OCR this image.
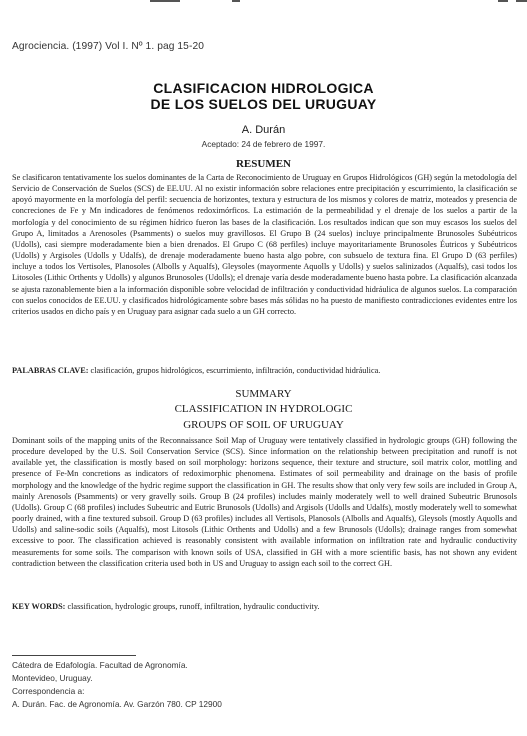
Agrociencia. (1997) Vol I. Nº 1. pag 15-20
CLASIFICACION HIDROLOGICA
DE LOS SUELOS DEL URUGUAY
A. Durán
Aceptado: 24 de febrero de 1997.
RESUMEN

Se clasificaron tentativamente los suelos dominantes de la Carta de Reconocimiento de Uruguay en Grupos Hidrológicos (GH) según la metodología del Servicio de Conservación de Suelos (SCS) de EE.UU. Al no existir información sobre relaciones entre precipitación y escurrimiento, la clasificación se apoyó mayormente en la morfología del perfil: secuencia de horizontes, textura y estructura de los mismos y colores de matriz, moteados y presencia de concreciones de Fe y Mn indicadores de fenómenos redoximórficos. La estimación de la permeabilidad y el drenaje de los suelos a partir de la morfología y del conocimiento de su régimen hídrico fueron las bases de la clasificación. Los resultados indican que son muy escasos los suelos del Grupo A, limitados a Arenosoles (Psamments) o suelos muy gravillosos. El Grupo B (24 suelos) incluye principalmente Brunosoles Subéutricos (Udolls), casi siempre moderadamente bien a bien drenados. El Grupo C (68 perfiles) incluye mayoritariamente Brunosoles Éutricos y Subéutricos (Udolls) y Argisoles (Udolls y Udalfs), de drenaje moderadamente bueno hasta algo pobre, con subsuelo de textura fina. El Grupo D (63 perfiles) incluye a todos los Vertisoles, Planosoles (Albolls y Aqualfs), Gleysoles (mayormente Aquolls y Udolls) y suelos salinizados (Aqualfs), casi todos los Litosoles (Lithic Orthents y Udolls) y algunos Brunosoles (Udolls); el drenaje varía desde moderadamente bueno hasta pobre. La clasificación alcanzada se ajusta razonablemente bien a la información disponible sobre velocidad de infiltración y conductividad hidráulica de algunos suelos. La comparación con suelos conocidos de EE.UU. y clasificados hidrológicamente sobre bases más sólidas no ha puesto de manifiesto contradicciones evidentes entre los criterios usados en dicho país y en Uruguay para asignar cada suelo a un GH correcto.

PALABRAS CLAVE: clasificación, grupos hidrológicos, escurrimiento, infiltración, conductividad hidráulica.

SUMMARY
CLASSIFICATION IN HYDROLOGIC
GROUPS OF SOIL OF URUGUAY

Dominant soils of the mapping units of the Reconnaissance Soil Map of Uruguay were tentatively classified in hydrologic groups (GH) following the procedure developed by the U.S. Soil Conservation Service (SCS). Since information on the relationship between precipitation and runoff is not available yet, the classification is mostly based on soil morphology: horizons sequence, their texture and structure, soil matrix color, mottling and presence of Fe-Mn concretions as indicators of redoximorphic phenomena. Estimates of soil permeability and drainage on the basis of profile morphology and the knowledge of the hydric regime support the classification in GH. The results show that only very few soils are included in Group A, mainly Arenosols (Psamments) or very gravelly soils. Group B (24 profiles) includes mainly moderately well to well drained Subeutric Brunosols (Udolls). Group C (68 profiles) includes Subeutric and Eutric Brunosols (Udolls) and Argisols (Udolls and Udalfs), mostly moderately well to somewhat poorly drained, with a fine textured subsoil. Group D (63 profiles) includes all Vertisols, Planosols (Albolls and Aqualfs), Gleysols (mostly Aquolls and Udolls) and saline-sodic soils (Aqualfs), most Litosols (Lithic Orthents and Udolls) and a few Brunosols (Udolls); drainage ranges from somewhat excessive to poor. The classification achieved is reasonably consistent with available information on infiltration rate and hydraulic conductivity measurements for some soils. The comparison with known soils of USA, classified in GH with a more scientific basis, has not shown any evident contradiction between the classification criteria used both in US and Uruguay to assign each soil to the correct GH.

KEY WORDS: classification, hydrologic groups, runoff, infiltration, hydraulic conductivity.

Cátedra de Edafología. Facultad de Agronomía.
Montevideo, Uruguay.
Correspondencia a:
A. Durán. Fac. de Agronomía. Av. Garzón 780. CP 12900
